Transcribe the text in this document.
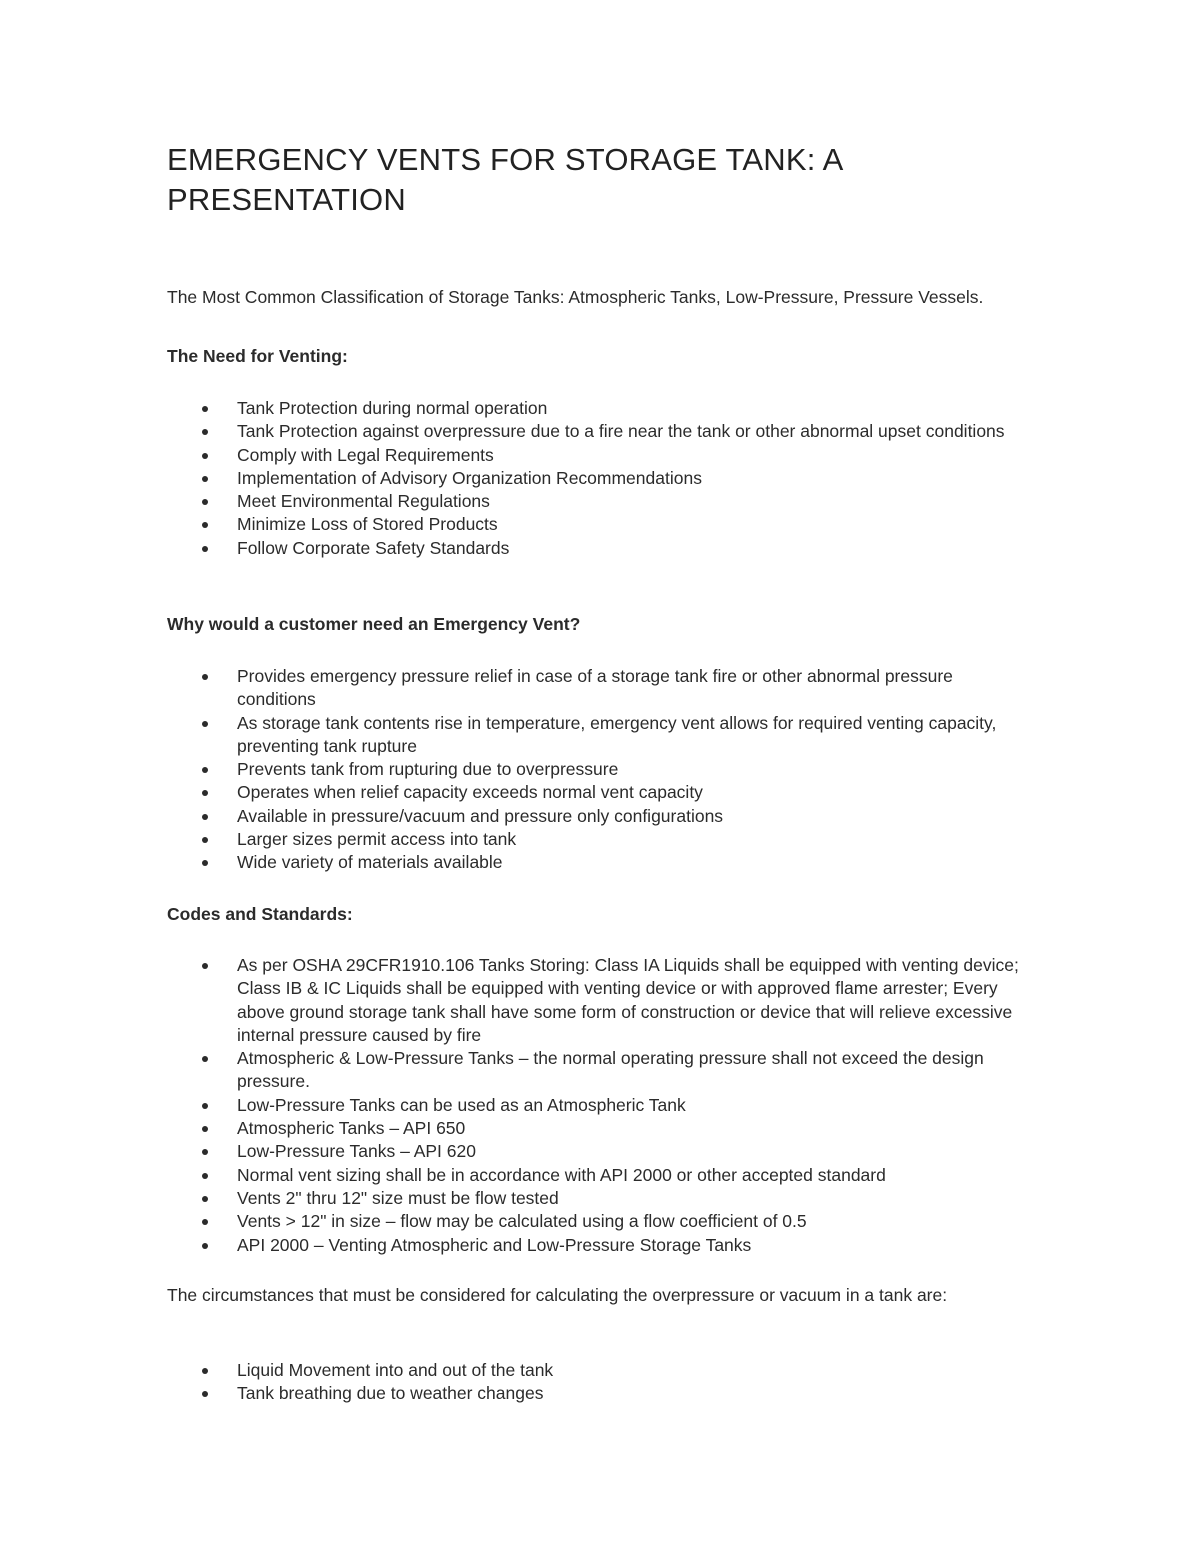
EMERGENCY VENTS FOR STORAGE TANK: A PRESENTATION

The Most Common Classification of Storage Tanks: Atmospheric Tanks, Low-Pressure, Pressure Vessels.

The Need for Venting:

Tank Protection during normal operation
Tank Protection against overpressure due to a fire near the tank or other abnormal upset conditions
Comply with Legal Requirements
Implementation of Advisory Organization Recommendations
Meet Environmental Regulations
Minimize Loss of Stored Products
Follow Corporate Safety Standards

Why would a customer need an Emergency Vent?

Provides emergency pressure relief in case of a storage tank fire or other abnormal pressure conditions
As storage tank contents rise in temperature, emergency vent allows for required venting capacity, preventing tank rupture
Prevents tank from rupturing due to overpressure
Operates when relief capacity exceeds normal vent capacity
Available in pressure/vacuum and pressure only configurations
Larger sizes permit access into tank
Wide variety of materials available

Codes and Standards:

As per OSHA 29CFR1910.106 Tanks Storing: Class IA Liquids shall be equipped with venting device; Class IB & IC Liquids shall be equipped with venting device or with approved flame arrester; Every above ground storage tank shall have some form of construction or device that will relieve excessive internal pressure caused by fire
Atmospheric & Low-Pressure Tanks – the normal operating pressure shall not exceed the design pressure.
Low-Pressure Tanks can be used as an Atmospheric Tank
Atmospheric Tanks – API 650
Low-Pressure Tanks – API 620
Normal vent sizing shall be in accordance with API 2000 or other accepted standard
Vents 2" thru 12" size must be flow tested
Vents > 12" in size – flow may be calculated using a flow coefficient of 0.5
API 2000 – Venting Atmospheric and Low-Pressure Storage Tanks

The circumstances that must be considered for calculating the overpressure or vacuum in a tank are:

Liquid Movement into and out of the tank
Tank breathing due to weather changes
